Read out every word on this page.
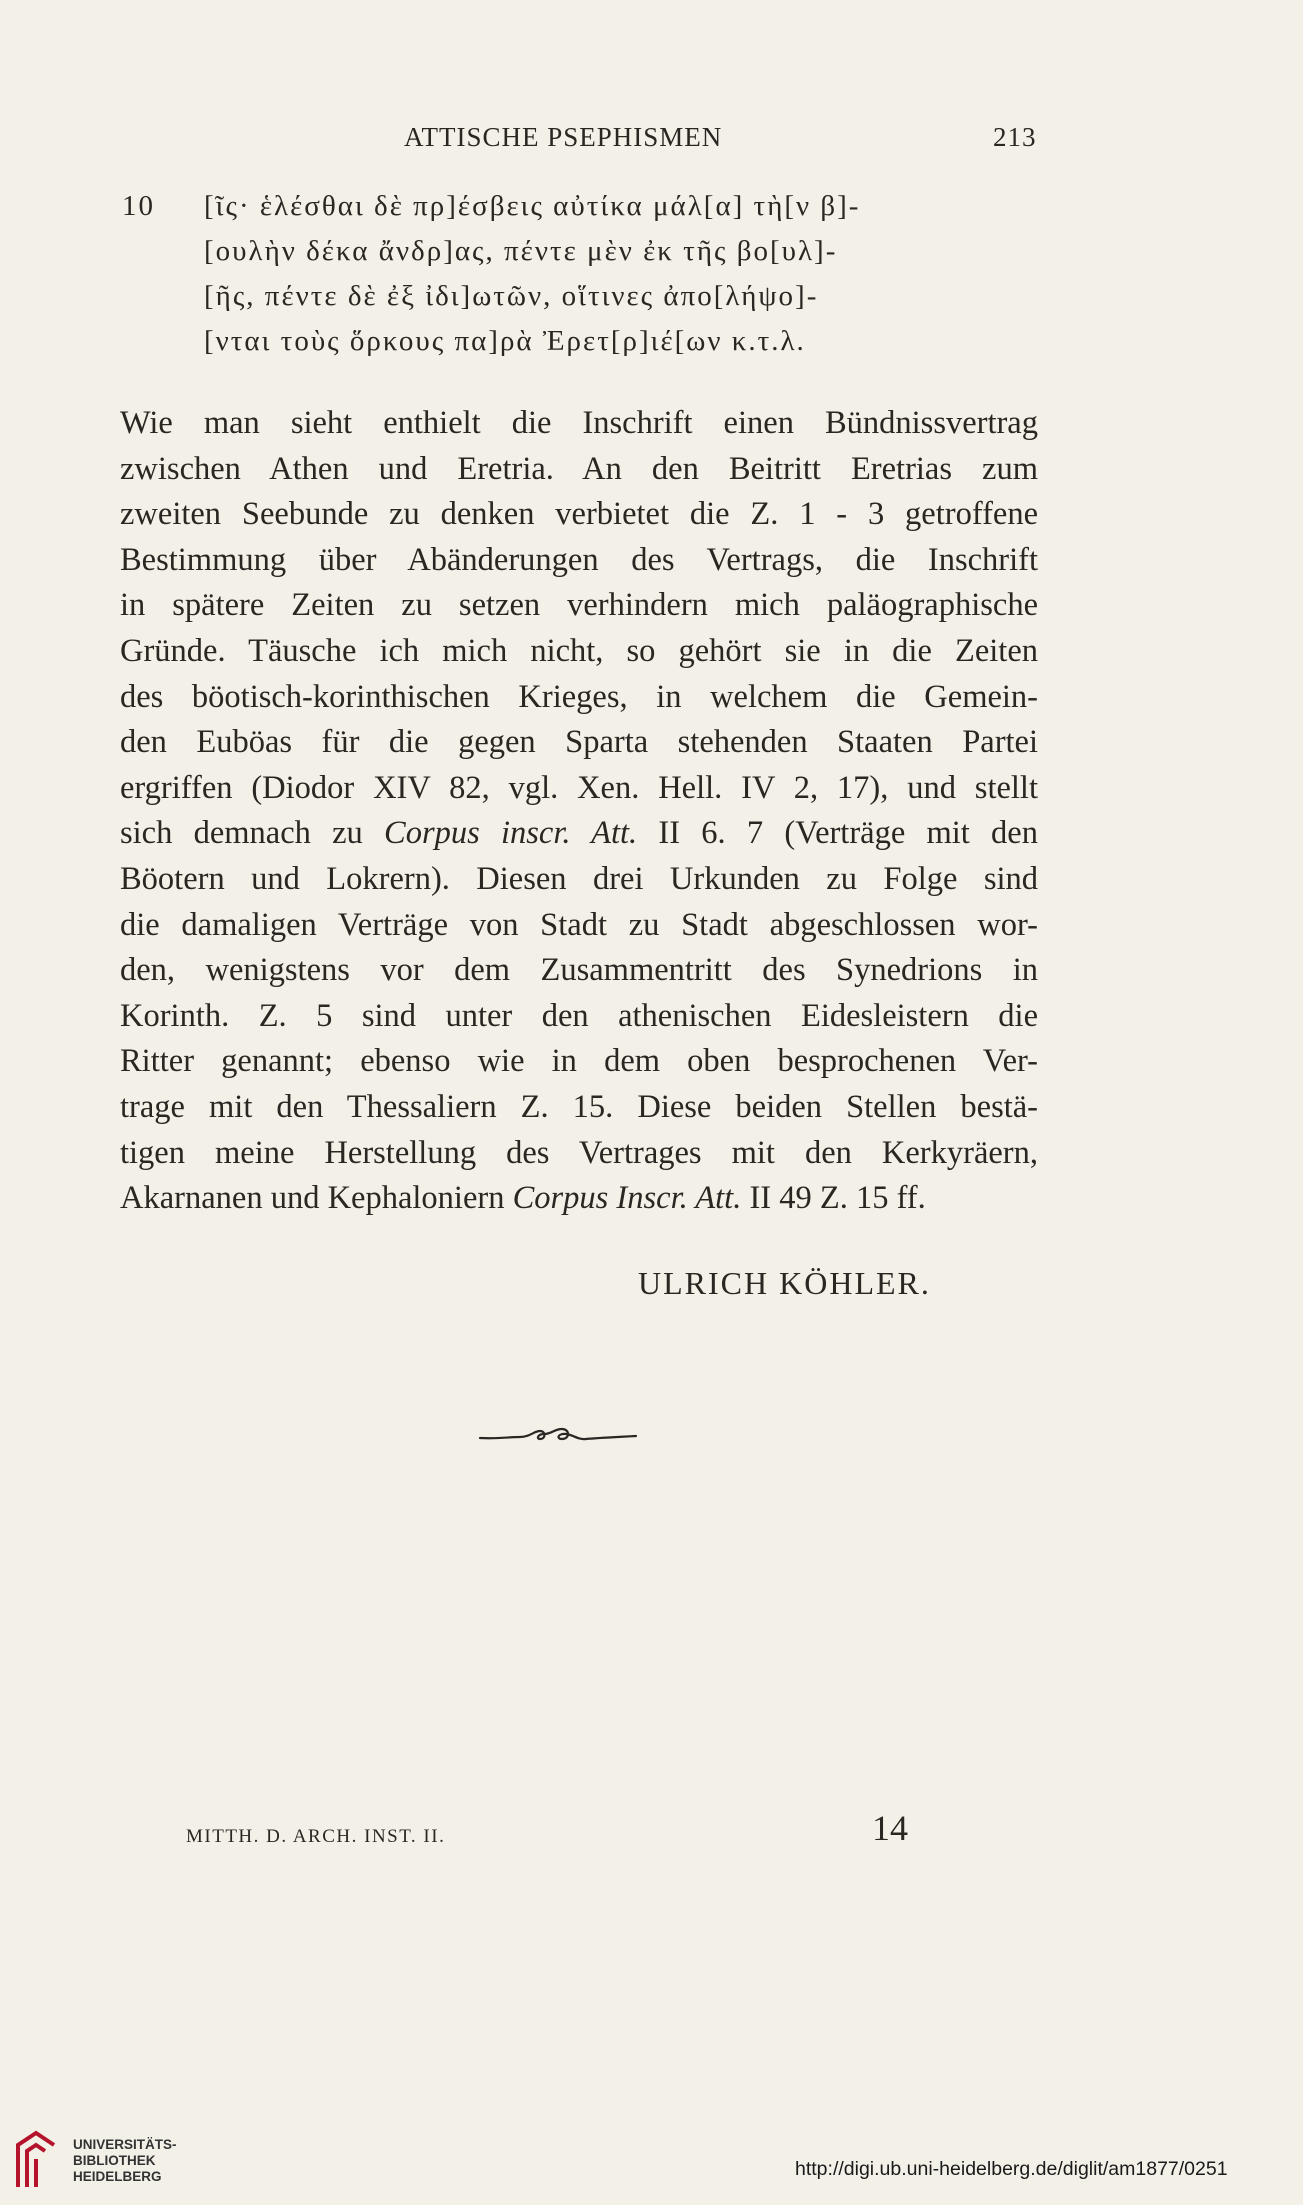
ATTISCHE PSEPHISMEN	213
10	[ῖς· ἑλέσθαι δὲ πρ]έσβεις αὐτίκα μάλ[α] τὴ[ν β]-
[ουλὴν δέκα ἄνδρ]ας, πέντε μὲν ἐκ τῆς βο[υλ]-
[ῆς, πέντε δὲ ἐξ ἰδι]ωτῶν, οἵτινες ἀπο[λήψο]-
[νται τοὺς ὅρκους πα]ρὰ Ἐρετ[ρ]ιέ[ων κ.τ.λ.
Wie man sieht enthielt die Inschrift einen Bündnissvertrag
zwischen Athen und Eretria. An den Beitritt Eretrias zum
zweiten Seebunde zu denken verbietet die Z. 1 - 3 getroffene
Bestimmung über Abänderungen des Vertrags, die Inschrift
in spätere Zeiten zu setzen verhindern mich paläographische
Gründe. Täusche ich mich nicht, so gehört sie in die Zeiten
des böotisch-korinthischen Krieges, in welchem die Gemein-
den Euböas für die gegen Sparta stehenden Staaten Partei
ergriffen (Diodor XIV 82, vgl. Xen. Hell. IV 2, 17), und stellt
sich demnach zu Corpus inscr. Att. II 6. 7 (Verträge mit den
Böotern und Lokrern). Diesen drei Urkunden zu Folge sind
die damaligen Verträge von Stadt zu Stadt abgeschlossen wor-
den, wenigstens vor dem Zusammentritt des Synedrions in
Korinth. Z. 5 sind unter den athenischen Eidesleistern die
Ritter genannt; ebenso wie in dem oben besprochenen Ver-
trage mit den Thessaliern Z. 15. Diese beiden Stellen bestä-
tigen meine Herstellung des Vertrages mit den Kerkyräern,
Akarnanen und Kephaloniern Corpus Inscr. Att. II 49 Z. 15 ff.
ULRICH KÖHLER.
MITTH. D. ARCH. INST. II.	14
UNIVERSITÄTS-
BIBLIOTHEK
HEIDELBERG	http://digi.ub.uni-heidelberg.de/diglit/am1877/0251
